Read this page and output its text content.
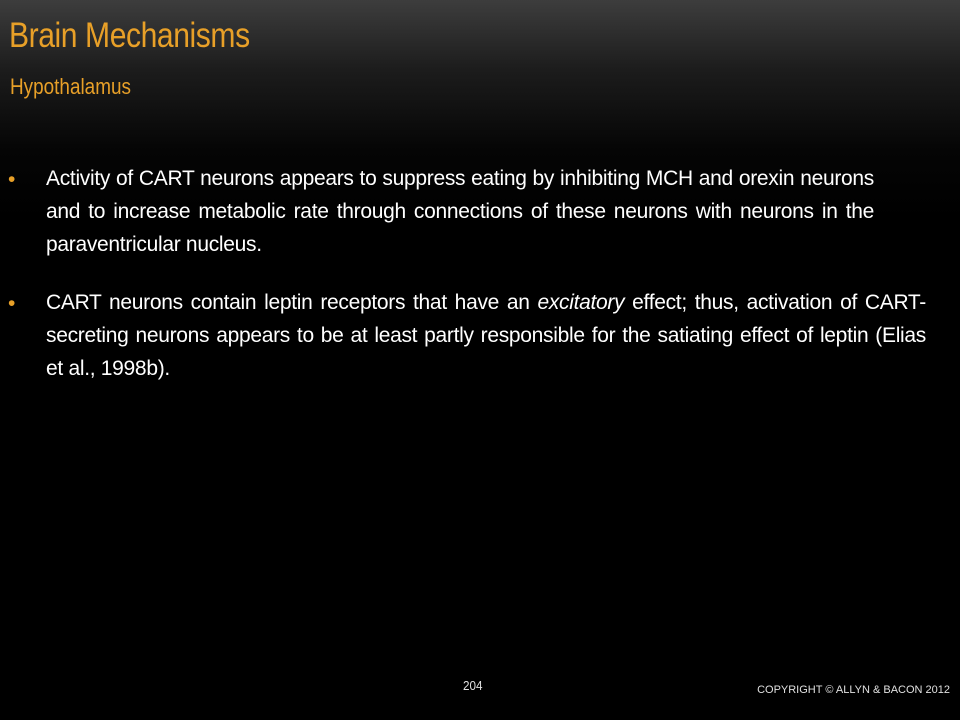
Brain Mechanisms
Hypothalamus
• Activity of CART neurons appears to suppress eating by inhibiting MCH and orexin neurons and to increase metabolic rate through connections of these neurons with neurons in the paraventricular nucleus.
• CART neurons contain leptin receptors that have an excitatory effect; thus, activation of CART-secreting neurons appears to be at least partly responsible for the satiating effect of leptin (Elias et al., 1998b).
204	COPYRIGHT © ALLYN & BACON 2012
